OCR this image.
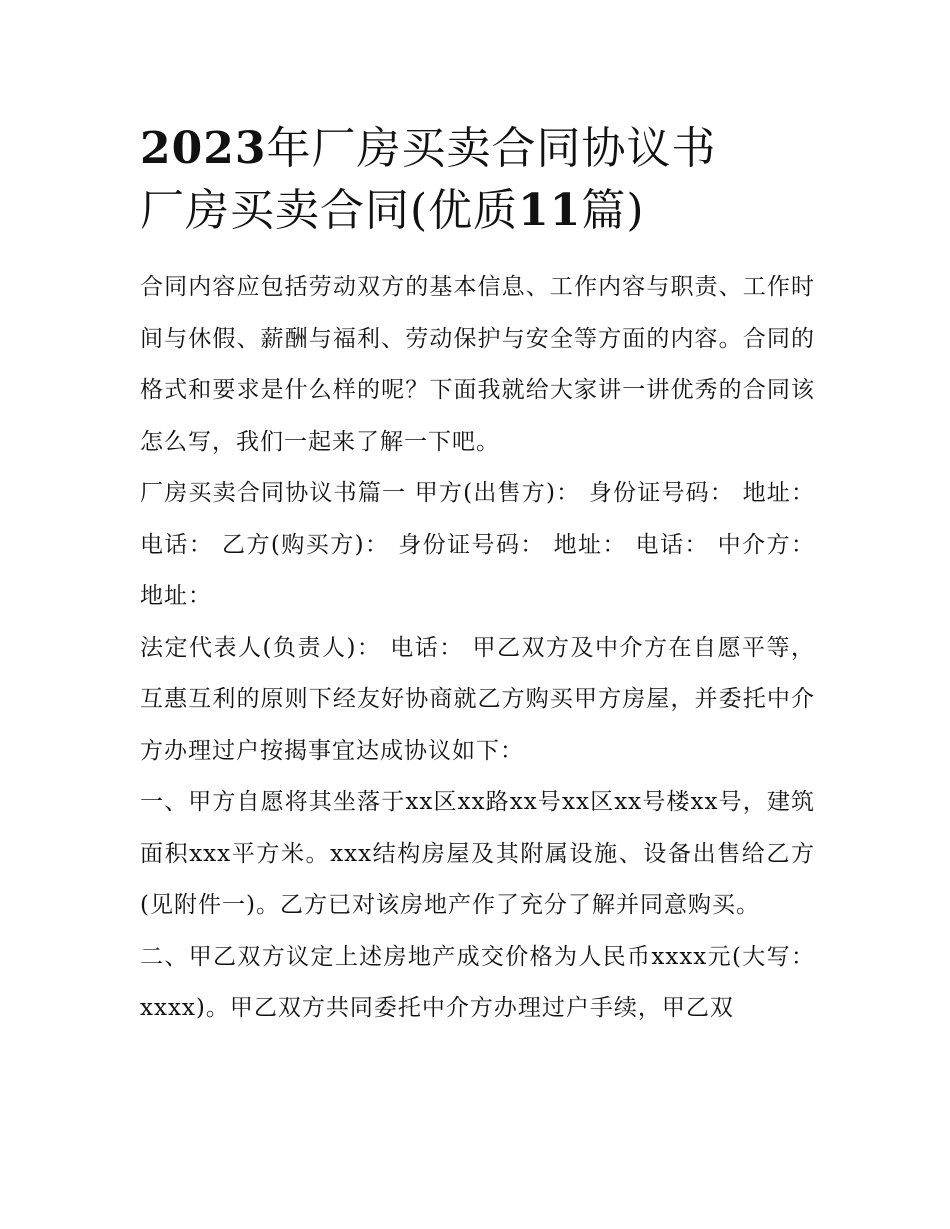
2023年厂房买卖合同协议书
厂房买卖合同(优质11篇)

合同内容应包括劳动双方的基本信息、工作内容与职责、工作时间与休假、薪酬与福利、劳动保护与安全等方面的内容。合同的格式和要求是什么样的呢？下面我就给大家讲一讲优秀的合同该怎么写，我们一起来了解一下吧。

厂房买卖合同协议书篇一 甲方(出售方)： 身份证号码： 地址： 电话： 乙方(购买方)： 身份证号码： 地址： 电话： 中介方： 地址：

法定代表人(负责人)： 电话： 甲乙双方及中介方在自愿平等，互惠互利的原则下经友好协商就乙方购买甲方房屋，并委托中介方办理过户按揭事宜达成协议如下：

一、甲方自愿将其坐落于xx区xx路xx号xx区xx号楼xx号，建筑面积xxx平方米。xxx结构房屋及其附属设施、设备出售给乙方(见附件一)。乙方已对该房地产作了充分了解并同意购买。

二、甲乙双方议定上述房地产成交价格为人民币xxxx元(大写：xxxx)。甲乙双方共同委托中介方办理过户手续，甲乙双
